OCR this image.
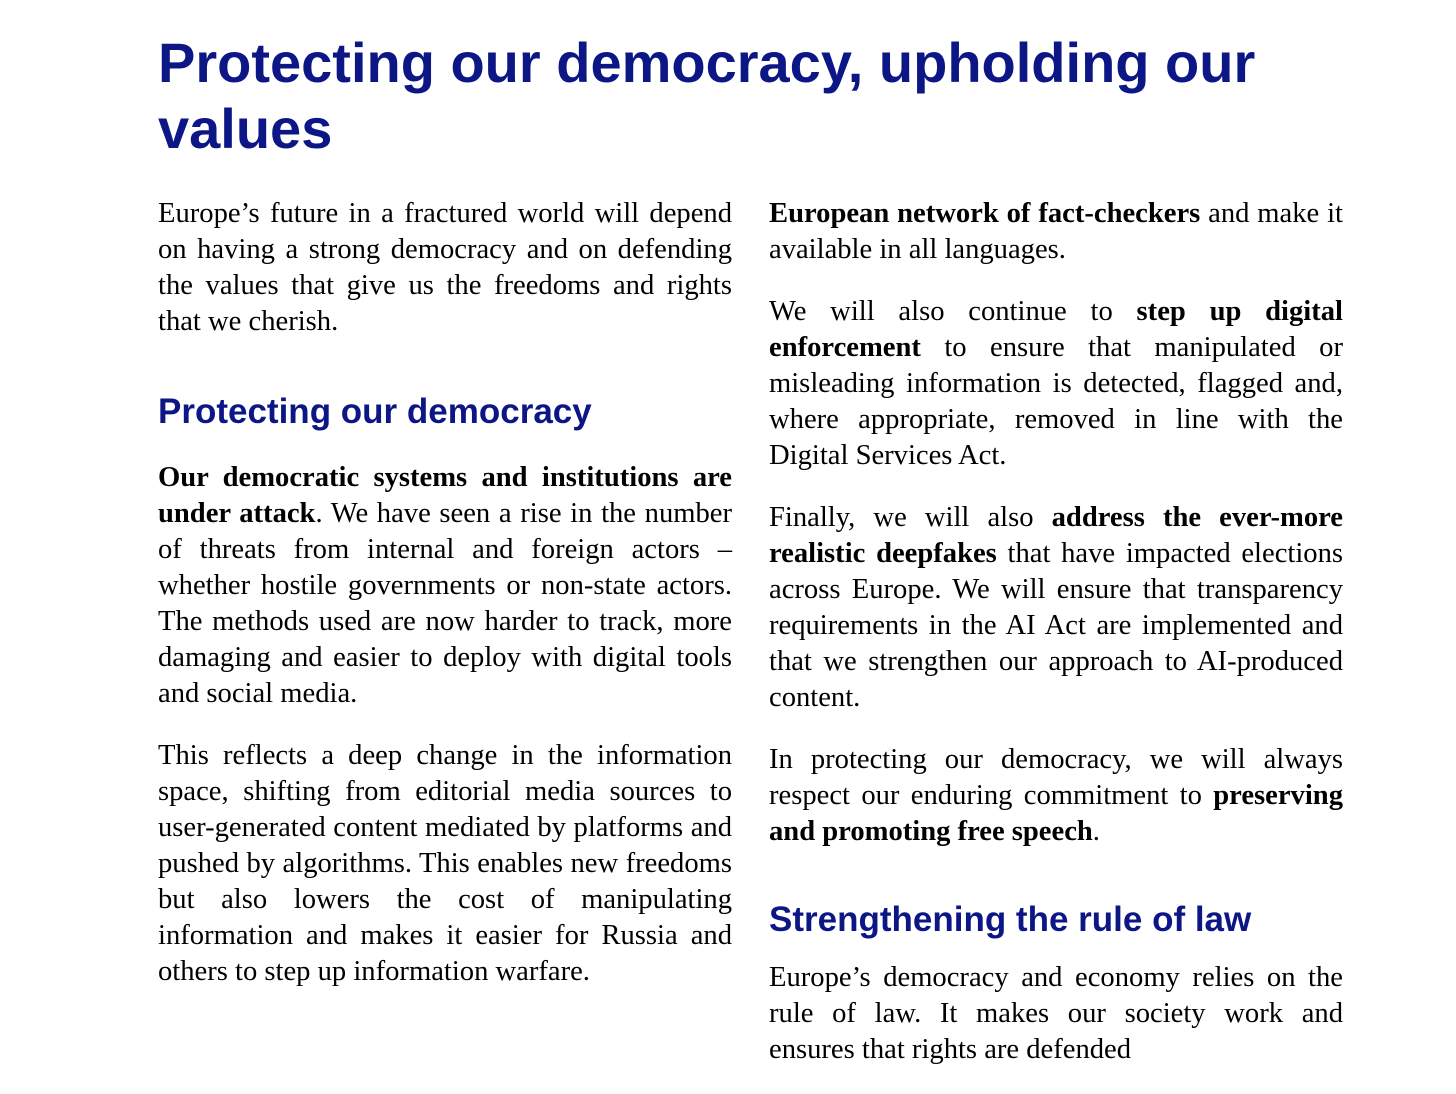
Protecting our democracy, upholding our values

Europe’s future in a fractured world will depend on having a strong democracy and on defending the values that give us the freedoms and rights that we cherish.

Protecting our democracy

Our democratic systems and institutions are under attack. We have seen a rise in the number of threats from internal and foreign actors – whether hostile governments or non-state actors. The methods used are now harder to track, more damaging and easier to deploy with digital tools and social media.

This reflects a deep change in the information space, shifting from editorial media sources to user-generated content mediated by platforms and pushed by algorithms. This enables new freedoms but also lowers the cost of manipulating information and makes it easier for Russia and others to step up information warfare.

European network of fact-checkers and make it available in all languages.

We will also continue to step up digital enforcement to ensure that manipulated or misleading information is detected, flagged and, where appropriate, removed in line with the Digital Services Act.

Finally, we will also address the ever-more realistic deepfakes that have impacted elections across Europe. We will ensure that transparency requirements in the AI Act are implemented and that we strengthen our approach to AI-produced content.

In protecting our democracy, we will always respect our enduring commitment to preserving and promoting free speech.

Strengthening the rule of law

Europe’s democracy and economy relies on the rule of law. It makes our society work and ensures that rights are defended
